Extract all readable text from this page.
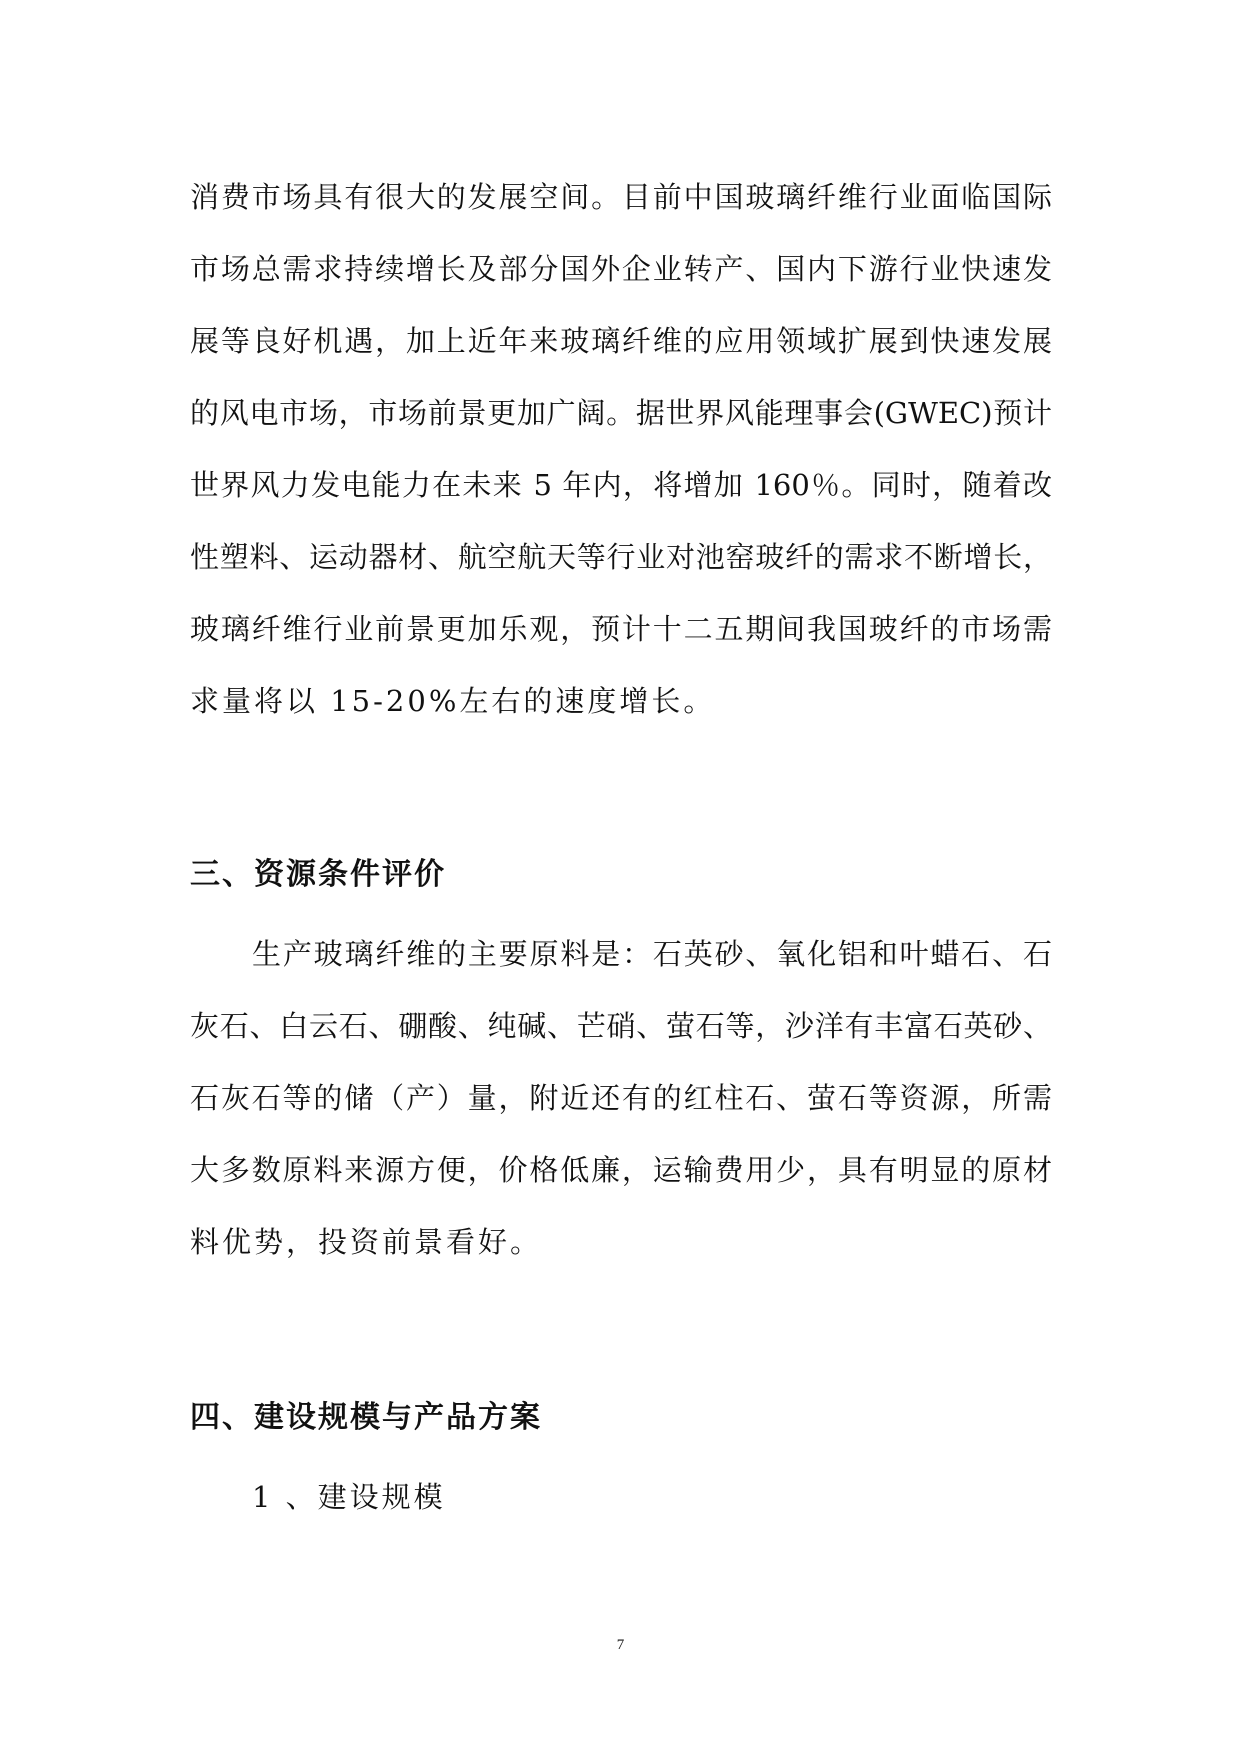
消费市场具有很大的发展空间。目前中国玻璃纤维行业面临国际
市场总需求持续增长及部分国外企业转产、国内下游行业快速发
展等良好机遇，加上近年来玻璃纤维的应用领域扩展到快速发展
的风电市场，市场前景更加广阔。据世界风能理事会(GWEC)预计
世界风力发电能力在未来 5 年内，将增加 160％。同时，随着改
性塑料、运动器材、航空航天等行业对池窑玻纤的需求不断增长，
玻璃纤维行业前景更加乐观，预计十二五期间我国玻纤的市场需
求量将以 15-20%左右的速度增长。
三、资源条件评价
生产玻璃纤维的主要原料是：石英砂、氧化铝和叶蜡石、石
灰石、白云石、硼酸、纯碱、芒硝、萤石等，沙洋有丰富石英砂、
石灰石等的储（产）量，附近还有的红柱石、萤石等资源，所需
大多数原料来源方便，价格低廉，运输费用少，具有明显的原材
料优势，投资前景看好。
四、建设规模与产品方案
1 、建设规模
7
